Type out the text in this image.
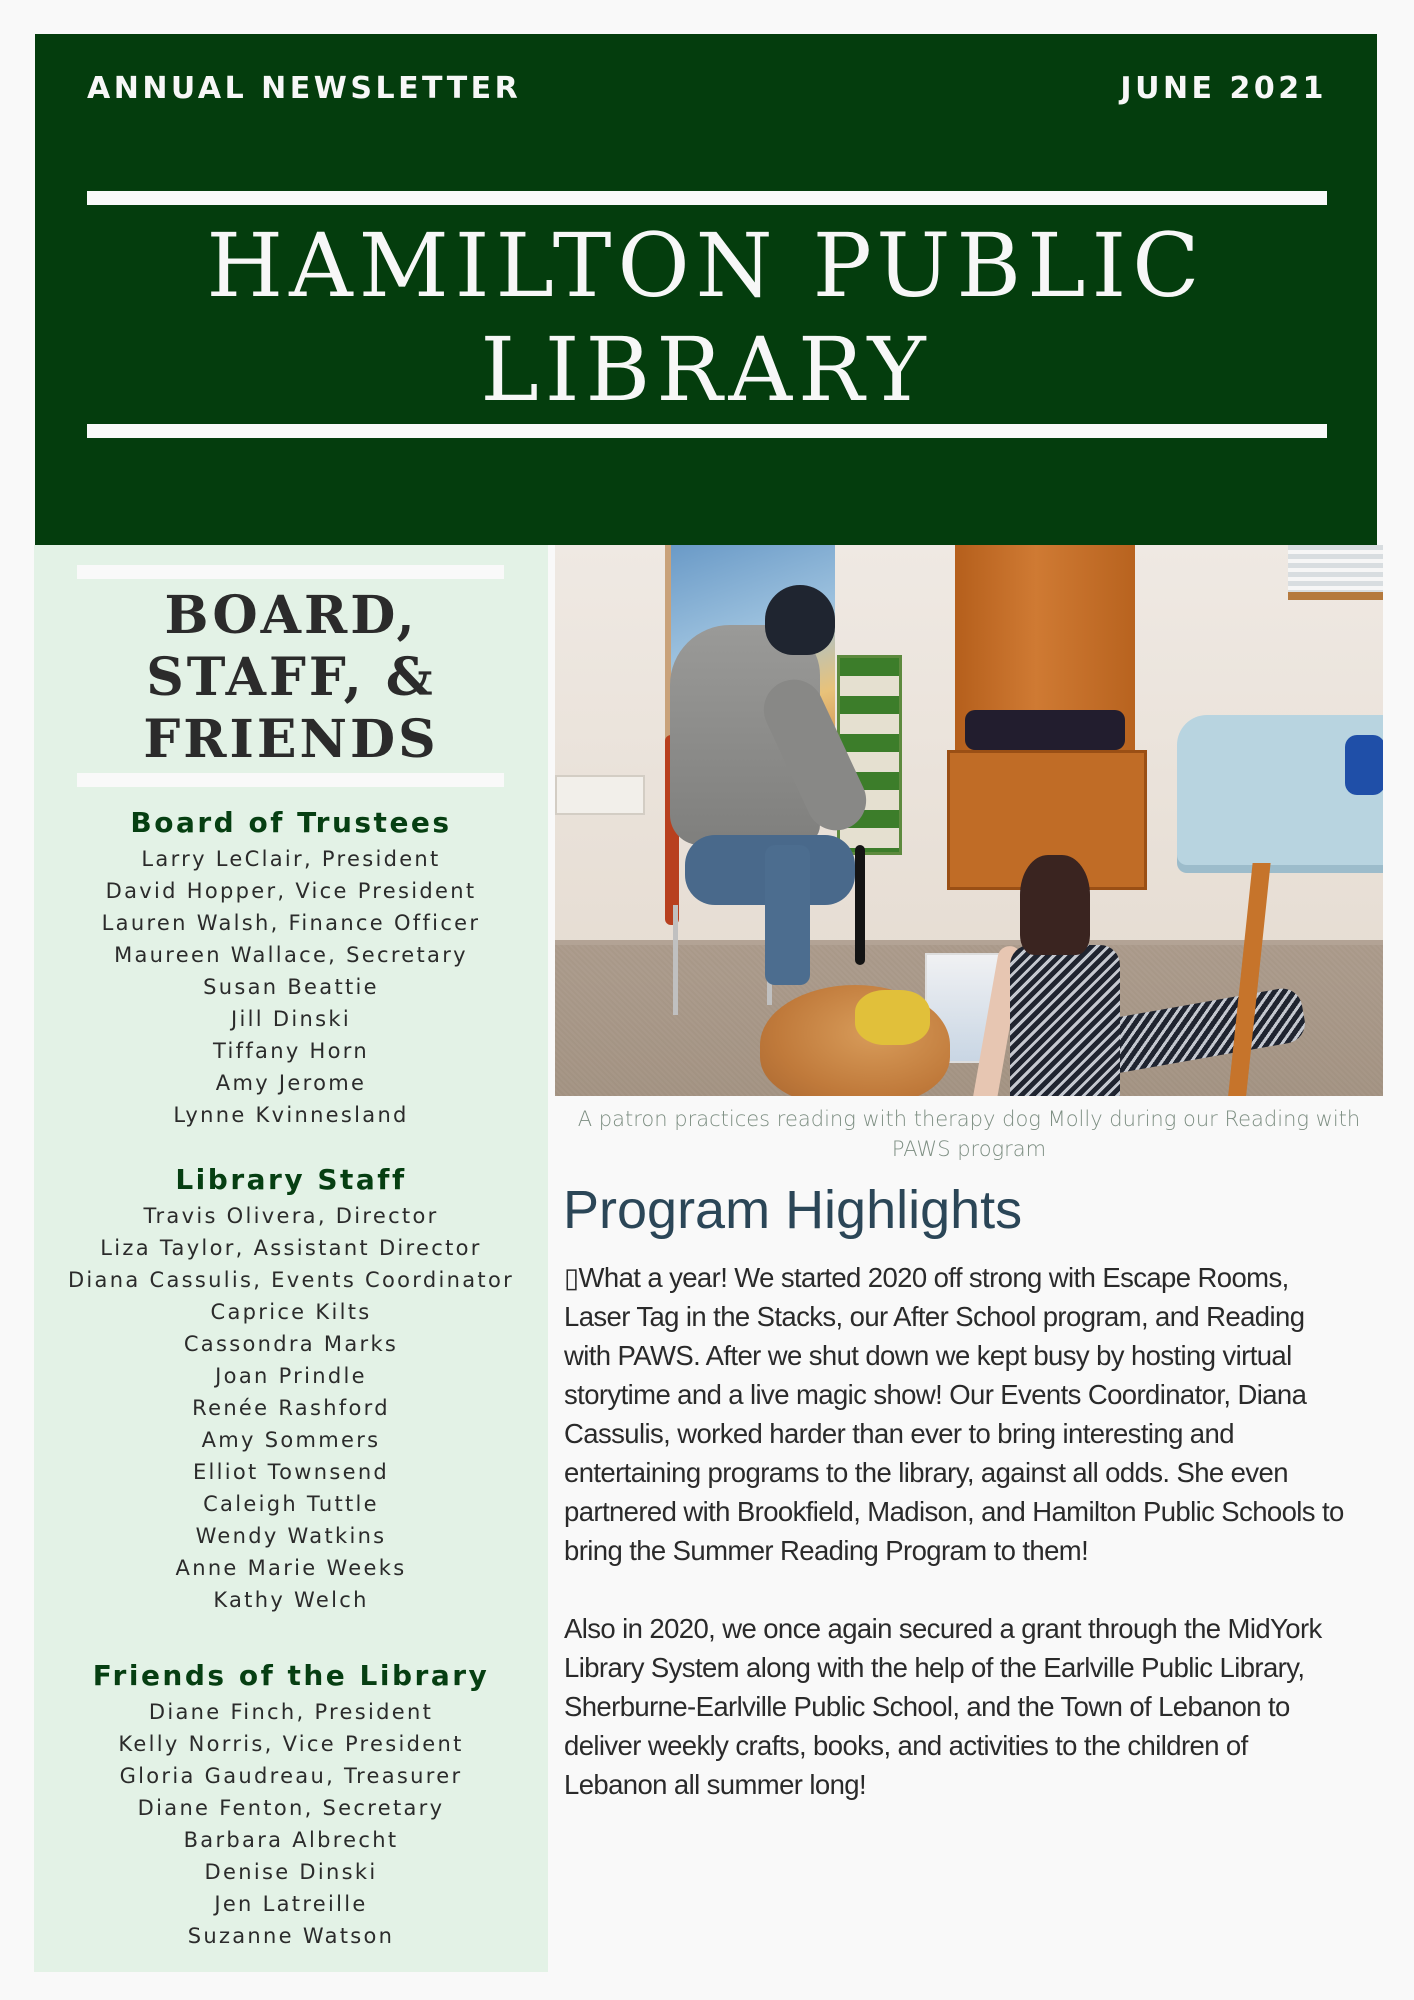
ANNUAL NEWSLETTER	JUNE 2021
HAMILTON PUBLIC
LIBRARY
BOARD,
STAFF, &
FRIENDS
Board of Trustees
Larry LeClair, President
David Hopper, Vice President
Lauren Walsh, Finance Officer
Maureen Wallace, Secretary
Susan Beattie
Jill Dinski
Tiffany Horn
Amy Jerome
Lynne Kvinnesland
Library Staff
Travis Olivera, Director
Liza Taylor, Assistant Director
Diana Cassulis, Events Coordinator
Caprice Kilts
Cassondra Marks
Joan Prindle
Renée Rashford
Amy Sommers
Elliot Townsend
Caleigh Tuttle
Wendy Watkins
Anne Marie Weeks
Kathy Welch
Friends of the Library
Diane Finch, President
Kelly Norris, Vice President
Gloria Gaudreau, Treasurer
Diane Fenton, Secretary
Barbara Albrecht
Denise Dinski
Jen Latreille
Suzanne Watson
A patron practices reading with therapy dog Molly during our Reading with PAWS program
Program Highlights

▯What a year! We started 2020 off strong with Escape Rooms, Laser Tag in the Stacks, our After School program, and Reading with PAWS. After we shut down we kept busy by hosting virtual storytime and a live magic show! Our Events Coordinator, Diana Cassulis, worked harder than ever to bring interesting and entertaining programs to the library, against all odds. She even partnered with Brookfield, Madison, and Hamilton Public Schools to bring the Summer Reading Program to them!

Also in 2020, we once again secured a grant through the MidYork Library System along with the help of the Earlville Public Library, Sherburne-Earlville Public School, and the Town of Lebanon to deliver weekly crafts, books, and activities to the children of Lebanon all summer long!
